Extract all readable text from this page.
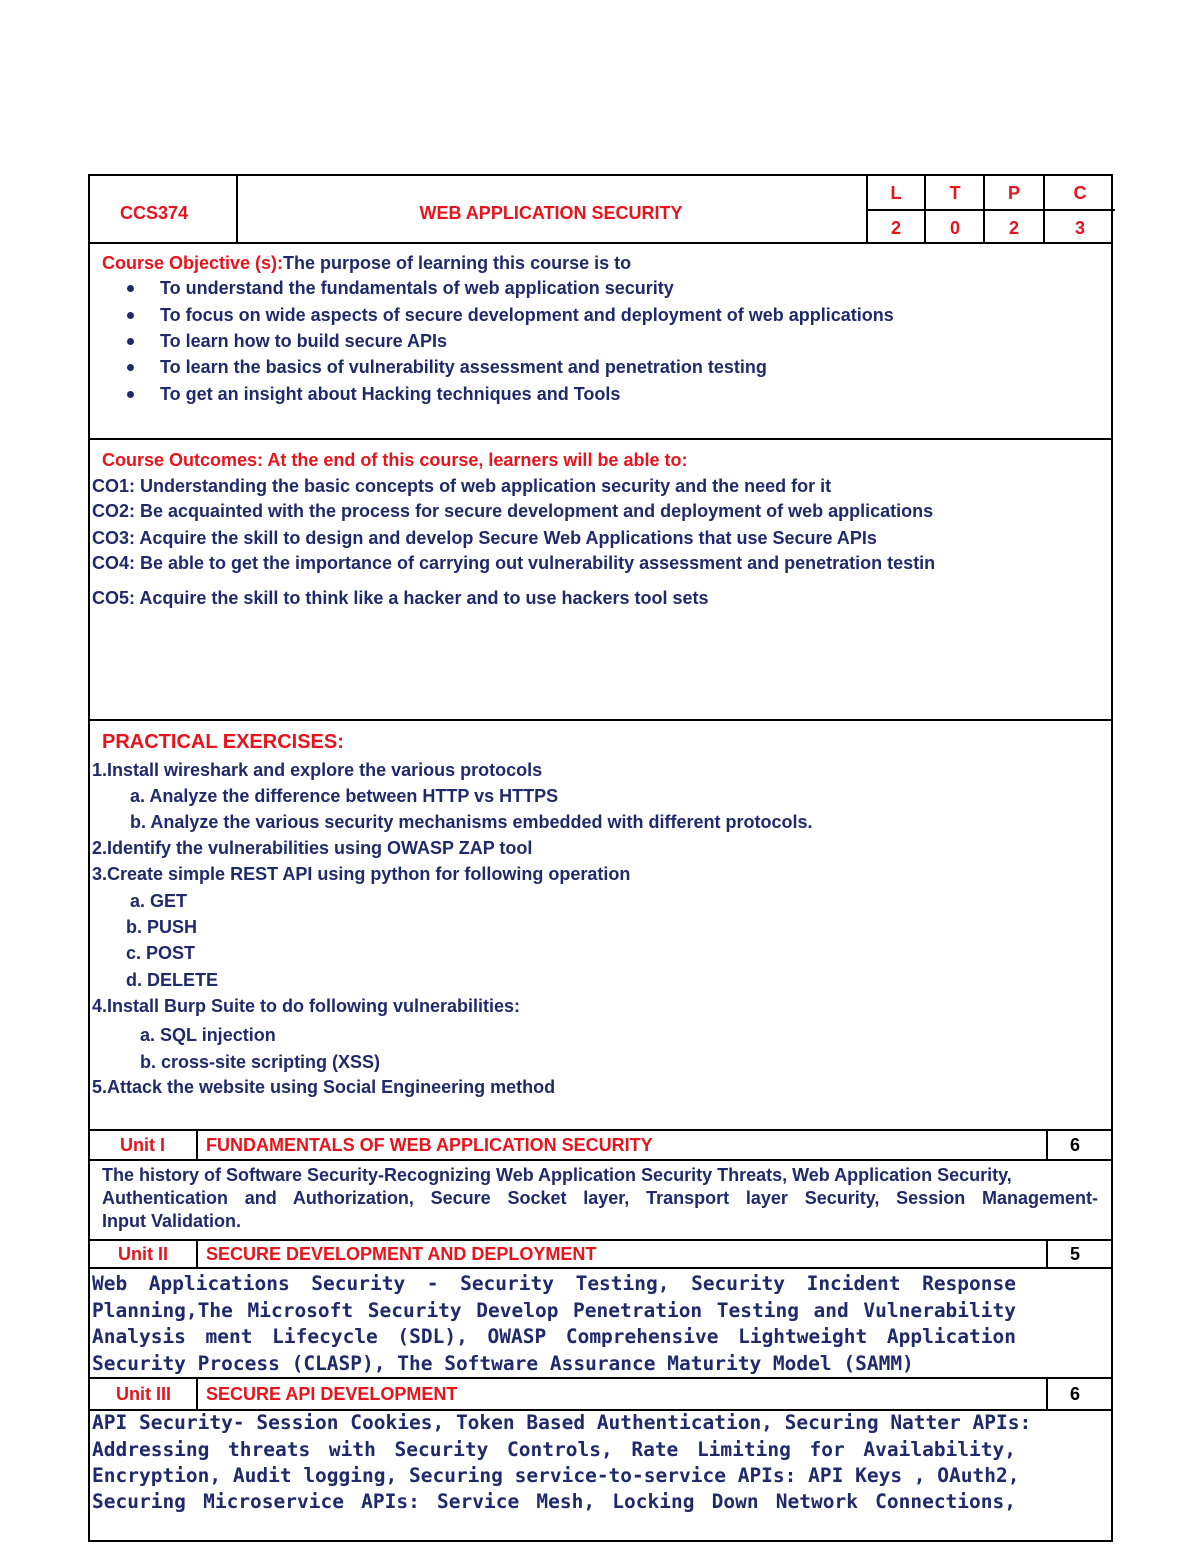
CCS374	WEB APPLICATION SECURITY
L	T	P	C
2	0	2	3
Course Objective (s):The purpose of learning this course is to
To understand the fundamentals of web application security
To focus on wide aspects of secure development and deployment of web applications
To learn how to build secure APIs
To learn the basics of vulnerability assessment and penetration testing
To get an insight about Hacking techniques and Tools
Course Outcomes: At the end of this course, learners will be able to:
CO1: Understanding the basic concepts of web application security and the need for it
CO2: Be acquainted with the process for secure development and deployment of web applications
CO3: Acquire the skill to design and develop Secure Web Applications that use Secure APIs
CO4: Be able to get the importance of carrying out vulnerability assessment and penetration testin
CO5: Acquire the skill to think like a hacker and to use hackers tool sets
PRACTICAL EXERCISES:
1.Install wireshark and explore the various protocols
a. Analyze the difference between HTTP vs HTTPS
b. Analyze the various security mechanisms embedded with different protocols.
2.Identify the vulnerabilities using OWASP ZAP tool
3.Create simple REST API using python for following operation
a. GET
b. PUSH
c. POST
d. DELETE
4.Install Burp Suite to do following vulnerabilities:
a. SQL injection
b. cross-site scripting (XSS)
5.Attack the website using Social Engineering method
Unit I FUNDAMENTALS OF WEB APPLICATION SECURITY	6
The history of Software Security-Recognizing Web Application Security Threats, Web Application Security,
Authentication and Authorization, Secure Socket layer, Transport layer Security, Session Management-
Input Validation.
Unit II SECURE DEVELOPMENT AND DEPLOYMENT	5
Web Applications Security - Security Testing, Security Incident Response
Planning,The Microsoft Security Develop Penetration Testing and Vulnerability
Analysis ment Lifecycle (SDL), OWASP Comprehensive Lightweight Application
Security Process (CLASP), The Software Assurance Maturity Model (SAMM)
Unit III SECURE API DEVELOPMENT	6
API Security- Session Cookies, Token Based Authentication, Securing Natter APIs:
Addressing threats with Security Controls, Rate Limiting for Availability,
Encryption, Audit logging, Securing service-to-service APIs: API Keys , OAuth2,
Securing Microservice APIs: Service Mesh, Locking Down Network Connections,
